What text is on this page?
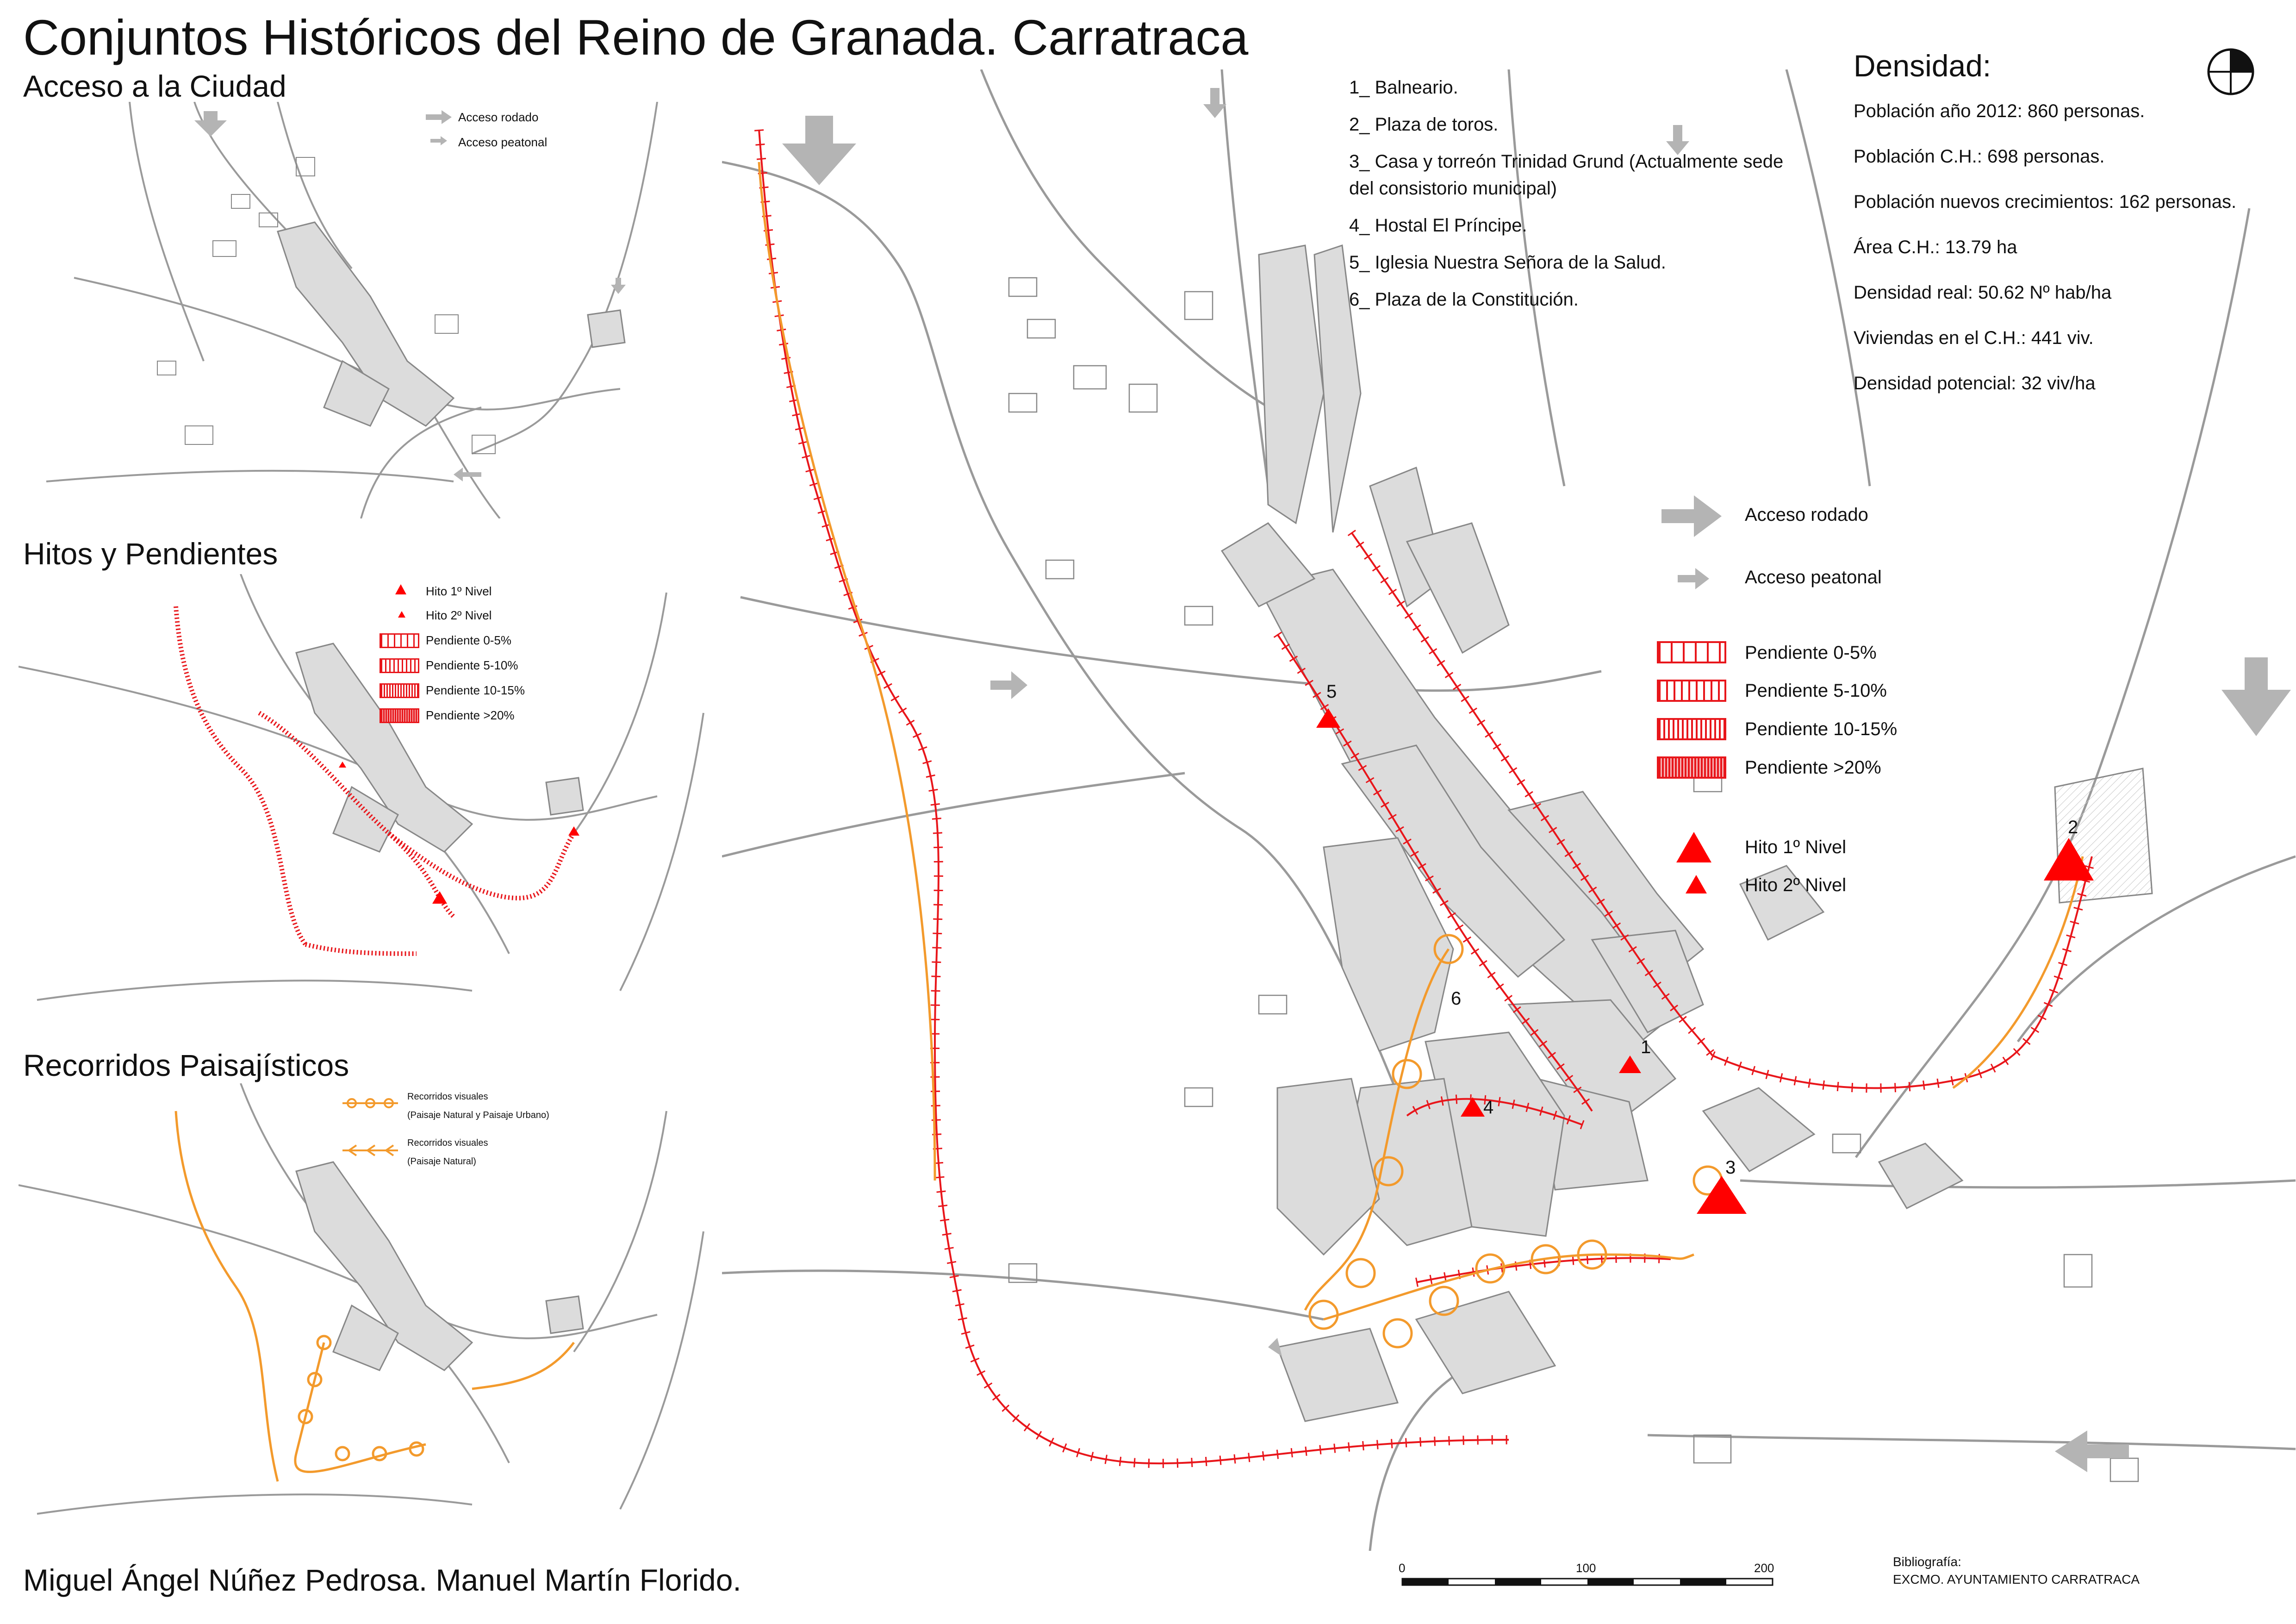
Conjuntos Históricos del Reino de Granada. Carratraca
Acceso a la Ciudad
Hitos y Pendientes
Recorridos Paisajísticos
Acceso rodado
Acceso peatonal
Hito 1º Nivel
Hito 2º Nivel
Pendiente 0-5%
Pendiente 5-10%
Pendiente 10-15%
Pendiente >20%
Recorridos visuales
(Paisaje Natural y Paisaje Urbano)
Recorridos visuales
(Paisaje Natural)
5
1
4
3
2
6
1_ Balneario.
2_ Plaza de toros.
3_ Casa y torreón Trinidad Grund (Actualmente sede del consistorio municipal)
4_ Hostal El Príncipe.
5_ Iglesia Nuestra Señora de la Salud.
6_ Plaza de la Constitución.
Densidad:
Población año 2012: 860 personas.
Población C.H.: 698 personas.
Población nuevos crecimientos: 162 personas.
Área C.H.: 13.79 ha
Densidad real: 50.62 Nº hab/ha
Viviendas en el C.H.: 441 viv.
Densidad potencial: 32 viv/ha
Acceso rodado
Acceso peatonal
Pendiente 0-5%
Pendiente 5-10%
Pendiente 10-15%
Pendiente >20%
Hito 1º Nivel
Hito 2º Nivel
0	100	200	Bibliografía:
EXCMO. AYUNTAMIENTO CARRATRACA
Miguel Ángel Núñez Pedrosa. Manuel Martín Florido.
